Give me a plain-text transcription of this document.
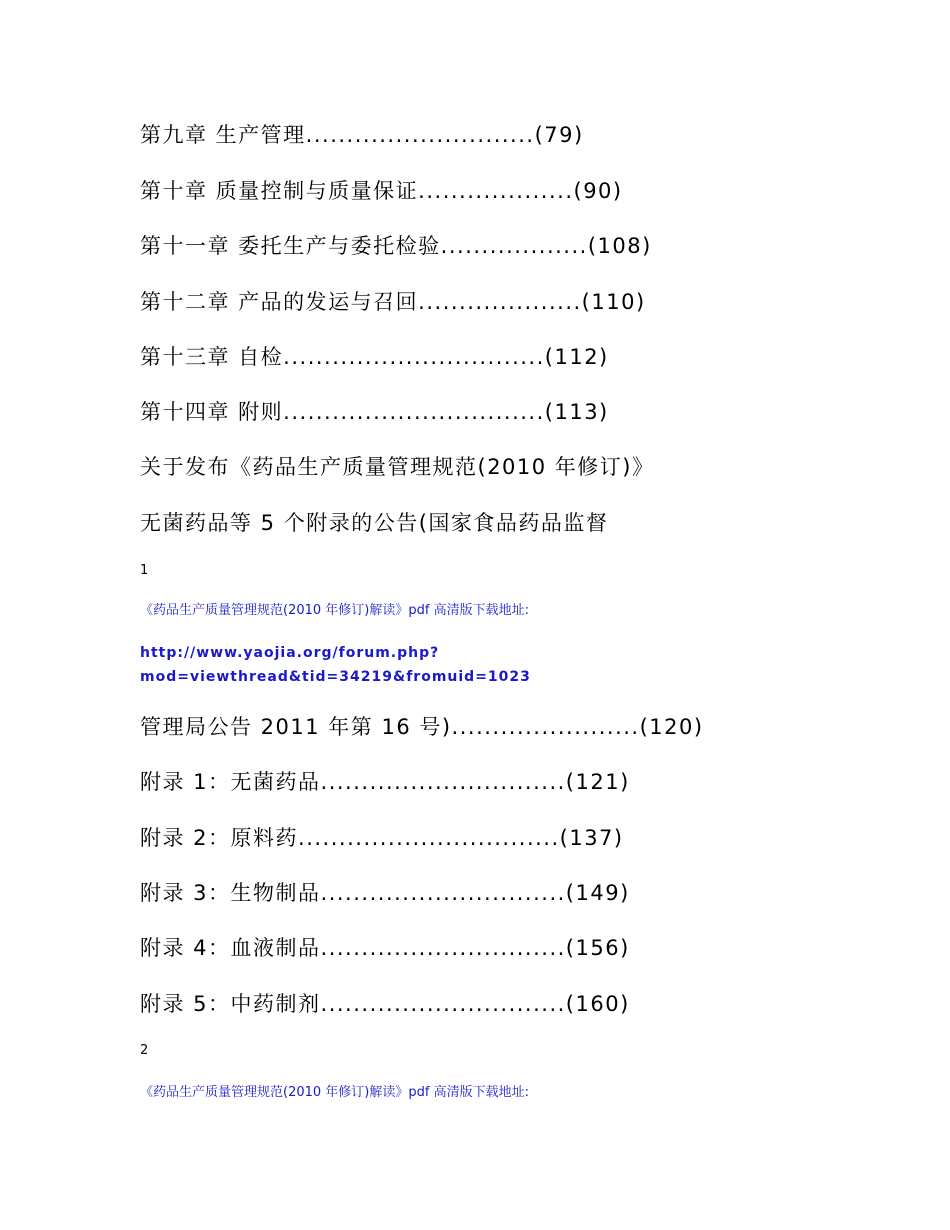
第九章 生产管理............................(79)
第十章 质量控制与质量保证...................(90)
第十一章 委托生产与委托检验..................(108)
第十二章 产品的发运与召回....................(110)
第十三章 自检................................(112)
第十四章 附则................................(113)
关于发布《药品生产质量管理规范(2010 年修订)》
无菌药品等 5 个附录的公告(国家食品药品监督
1
《药品生产质量管理规范(2010 年修订)解读》pdf 高清版下载地址:
http://www.yaojia.org/forum.php?
mod=viewthread&tid=34219&fromuid=1023
管理局公告 2011 年第 16 号).......................(120)
附录 1：无菌药品..............................(121)
附录 2：原料药................................(137)
附录 3：生物制品..............................(149)
附录 4：血液制品..............................(156)
附录 5：中药制剂..............................(160)
2
《药品生产质量管理规范(2010 年修订)解读》pdf 高清版下载地址:
